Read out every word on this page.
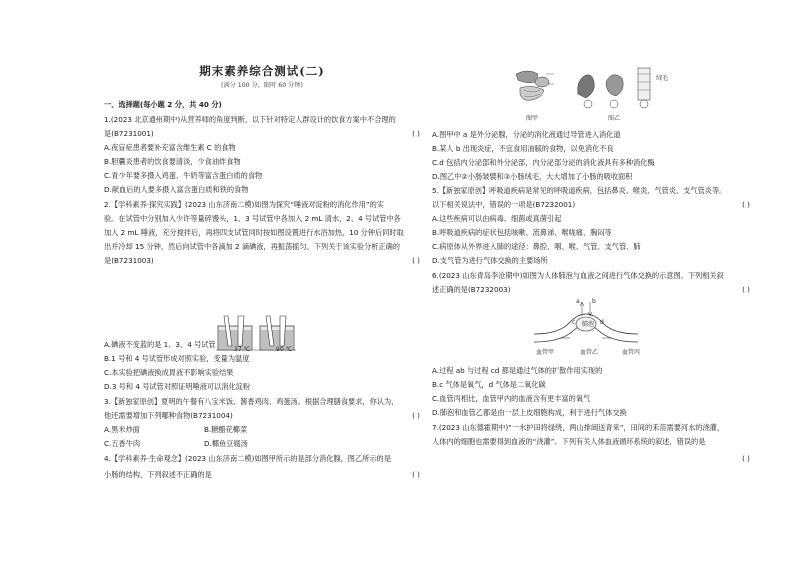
期末素养综合测试(二)
(满分 100 分，限时 60 分钟)
一、选择题(每小题 2 分，共 40 分)
1.(2023 北京通州期中)从营养师的角度判断，以下针对特定人群设计的饮食方案中不合理的
是(B7231001)	( )
A.夜盲症患者要补充富含维生素 C 的食物
B.胆囊炎患者的饮食要清淡，少食油炸食物
C.青少年要多摄入鸡蛋、牛奶等富含蛋白质的食物
D.献血后的人要多摄入富含蛋白质和铁的食物
2.【学科素养·探究实践】(2023 山东济南二模)如图为探究“唾液对淀粉的消化作用”的实
验。在试管中分别加入少许等量碎馒头，1、3 号试管中各加入 2 mL 清水，2、4 号试管中各
加入 2 mL 唾液，充分搅拌后，再将四支试管同时按如图设置进行水浴加热，10 分钟后同时取
出并冷却 15 分钟，然后向试管中各滴加 2 滴碘液，再振荡摇匀。下列关于该实验分析正确的
是(B7231003)	( )
37 ℃	90 ℃
A.碘液不变蓝的是 1、3、4 号试管
B.1 号和 4 号试管形成对照实验，变量为温度
C.本实验把碘液换成胃液不影响实验结果
D.3 号和 4 号试管对照证明唾液可以消化淀粉
3.【新独家原创】夏明的午餐有八宝米饭、酱香鸡肉、鸡蛋汤。根据合理膳食要求，你认为，
他还需要增加下列哪种食物(B7231004)	( )
A.黑米炒面	B.糖醋花椰菜
C.五香牛肉	D.椰鱼豆腐汤
4.【学科素养·生命观念】(2023 山东济南二模)如图甲所示的是部分消化腺，图乙所示的是
小肠的结构，下列叙述不正确的是	( )
图甲	图乙
绒毛
A.图甲中 a 是外分泌腺，分泌的消化液通过导管进入消化道
B.某人 b 出现炎症，不宜食用油腻的食物，以免消化不良
C.d 包括内分泌部和外分泌部，内分泌部分泌的消化液具有多种消化酶
D.图乙中②小肠皱襞和③小肠绒毛，大大增加了小肠的吸收面积
5.【新独家原创】呼吸道疾病是常见的呼吸道疾病，包括鼻炎、喉炎、气管炎、支气管炎等。
以下相关说法中，错误的一项是(B7232001)	( )
A.这些疾病可以由病毒、细菌或真菌引起
B.呼吸道疾病的症状包括咳嗽、流鼻涕、喉咙痛、胸闷等
C.病原体从外界进入肺的途径：鼻腔、咽、喉、气管、支气管、肺
D.支气管为进行气体交换的主要场所
6.(2023 山东青岛李沧期中)如图为人体肺泡与血液之间进行气体交换的示意图。下列相关叙
述正确的是(B7232003)	( )
a b
c	d
肺泡
血管甲	血管乙	血管丙
A.过程 ab 与过程 cd 都是通过气体的扩散作用实现的
B.c 气体是氧气，d 气体是二氧化碳
C.血管丙相比，血管甲内的血液含有更丰富的氧气
D.肺泡和血管乙都是由一层上皮细胞构成，利于进行气体交换
7.(2023 山东德霍期中)“一水护田将绿绕，两山排闼送青来”，田间的禾苗需要河水的浇灌，
人体内的细胞也需要得到血液的“浇灌”。下列有关人体血液循环系统的叙述，错误的是
( )
